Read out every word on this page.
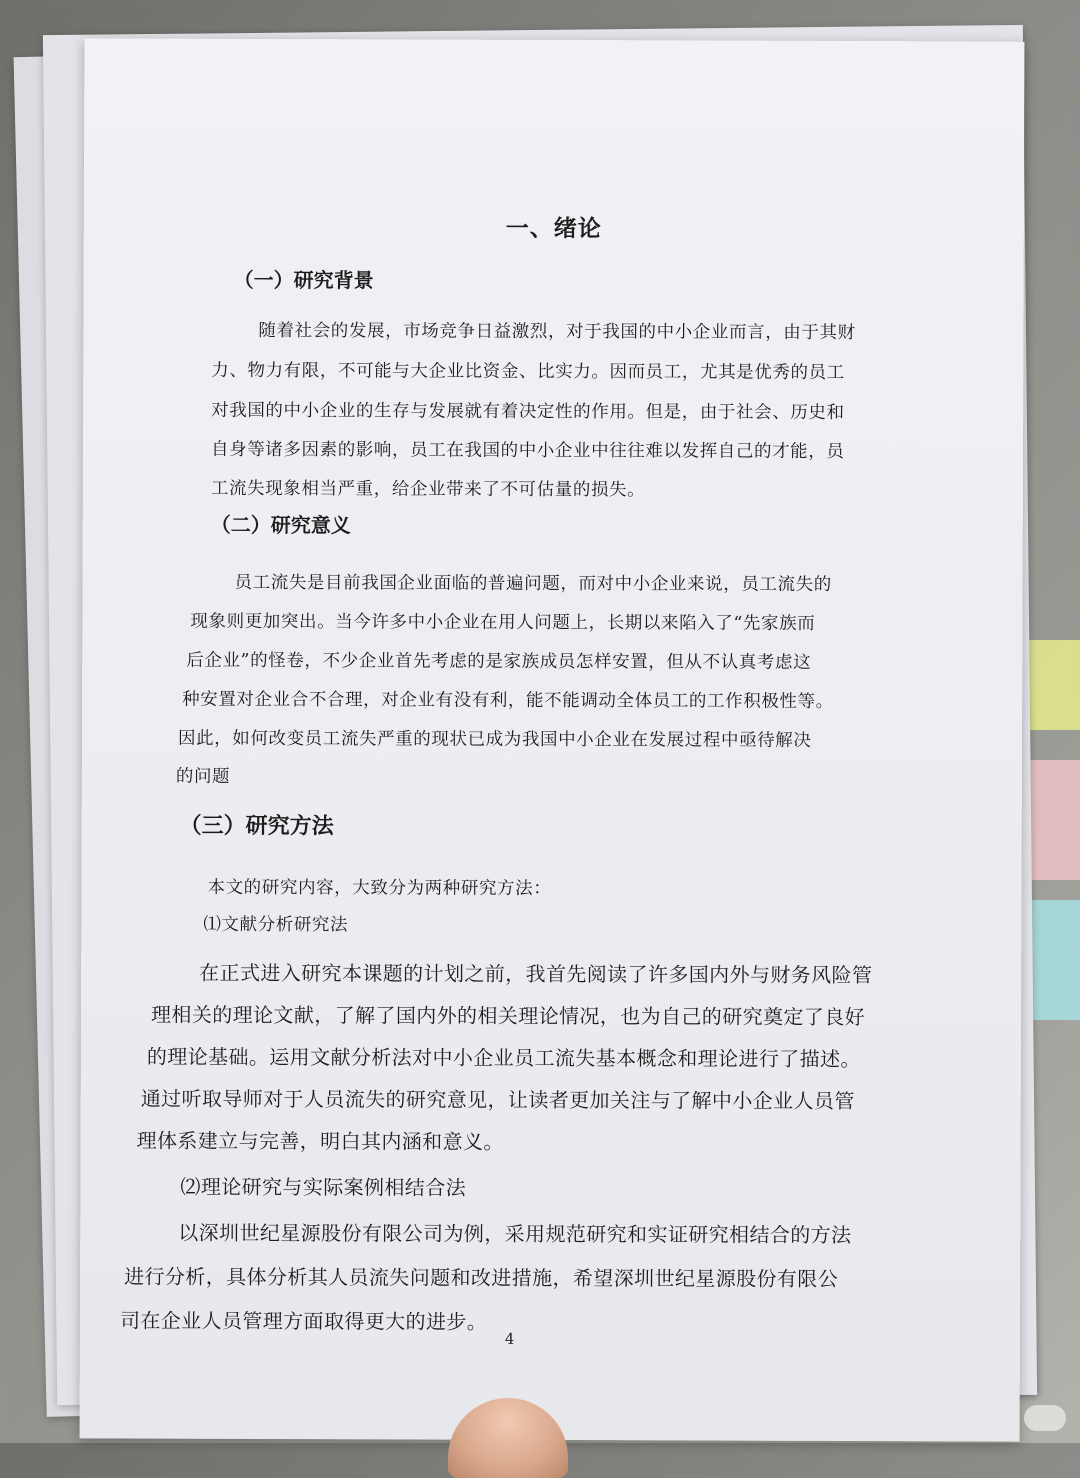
一、绪论
（一）研究背景
随着社会的发展，市场竞争日益激烈，对于我国的中小企业而言，由于其财
力、物力有限，不可能与大企业比资金、比实力。因而员工，尤其是优秀的员工
对我国的中小企业的生存与发展就有着决定性的作用。但是，由于社会、历史和
自身等诸多因素的影响，员工在我国的中小企业中往往难以发挥自己的才能，员
工流失现象相当严重，给企业带来了不可估量的损失。
（二）研究意义
员工流失是目前我国企业面临的普遍问题，而对中小企业来说，员工流失的
现象则更加突出。当今许多中小企业在用人问题上，长期以来陷入了“先家族而
后企业”的怪卷，不少企业首先考虑的是家族成员怎样安置，但从不认真考虑这
种安置对企业合不合理，对企业有没有利，能不能调动全体员工的工作积极性等。
因此，如何改变员工流失严重的现状已成为我国中小企业在发展过程中亟待解决
的问题
（三）研究方法
本文的研究内容，大致分为两种研究方法：
⑴文献分析研究法
在正式进入研究本课题的计划之前，我首先阅读了许多国内外与财务风险管
理相关的理论文献，了解了国内外的相关理论情况，也为自己的研究奠定了良好
的理论基础。运用文献分析法对中小企业员工流失基本概念和理论进行了描述。
通过听取导师对于人员流失的研究意见，让读者更加关注与了解中小企业人员管
理体系建立与完善，明白其内涵和意义。
⑵理论研究与实际案例相结合法
以深圳世纪星源股份有限公司为例，采用规范研究和实证研究相结合的方法
进行分析，具体分析其人员流失问题和改进措施，希望深圳世纪星源股份有限公
司在企业人员管理方面取得更大的进步。
4
